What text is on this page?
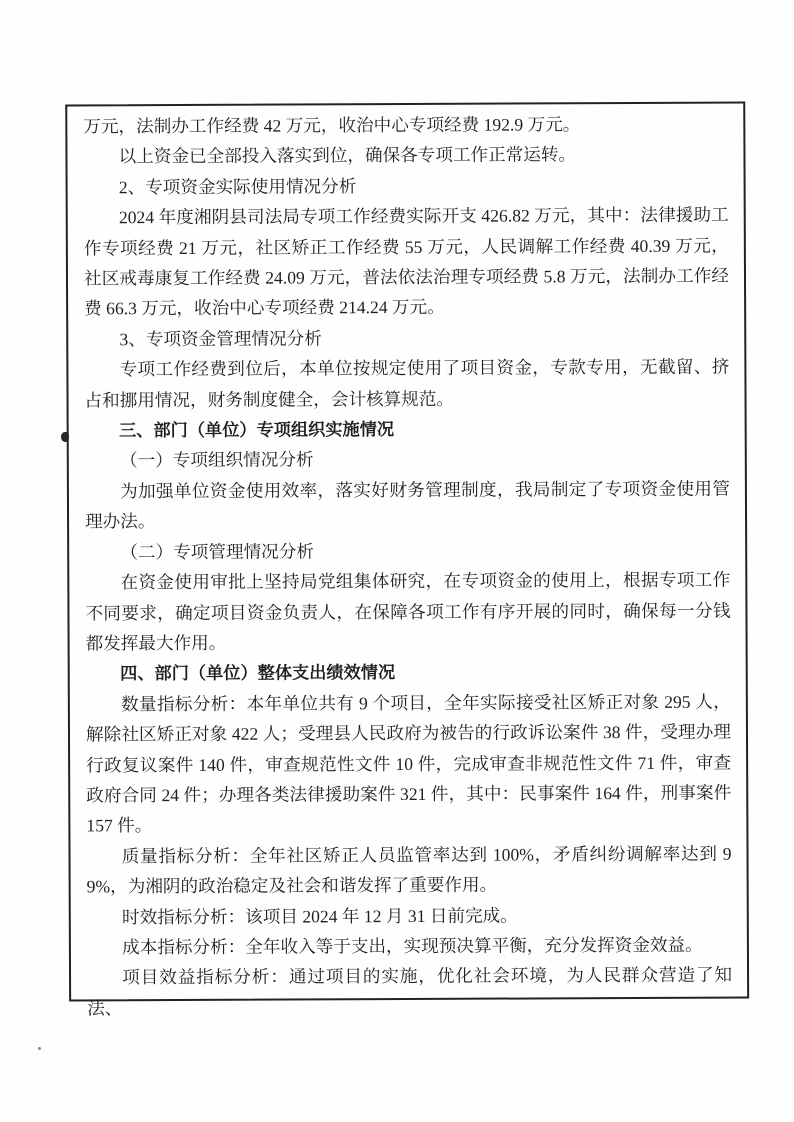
万元，法制办工作经费 42 万元，收治中心专项经费 192.9 万元。

以上资金已全部投入落实到位，确保各专项工作正常运转。

2、专项资金实际使用情况分析

2024 年度湘阴县司法局专项工作经费实际开支 426.82 万元，其中：法律援助工作专项经费 21 万元，社区矫正工作经费 55 万元，人民调解工作经费 40.39 万元，社区戒毒康复工作经费 24.09 万元，普法依法治理专项经费 5.8 万元，法制办工作经费 66.3 万元，收治中心专项经费 214.24 万元。

3、专项资金管理情况分析

专项工作经费到位后，本单位按规定使用了项目资金，专款专用，无截留、挤占和挪用情况，财务制度健全，会计核算规范。

三、部门（单位）专项组织实施情况

（一）专项组织情况分析

为加强单位资金使用效率，落实好财务管理制度，我局制定了专项资金使用管理办法。

（二）专项管理情况分析

在资金使用审批上坚持局党组集体研究，在专项资金的使用上，根据专项工作不同要求，确定项目资金负责人，在保障各项工作有序开展的同时，确保每一分钱都发挥最大作用。

四、部门（单位）整体支出绩效情况

数量指标分析：本年单位共有 9 个项目，全年实际接受社区矫正对象 295 人，解除社区矫正对象 422 人；受理县人民政府为被告的行政诉讼案件 38 件，受理办理行政复议案件 140 件，审查规范性文件 10 件，完成审查非规范性文件 71 件，审查政府合同 24 件；办理各类法律援助案件 321 件，其中：民事案件 164 件，刑事案件 157 件。

质量指标分析：全年社区矫正人员监管率达到 100%，矛盾纠纷调解率达到 99%，为湘阴的政治稳定及社会和谐发挥了重要作用。

时效指标分析：该项目 2024 年 12 月 31 日前完成。

成本指标分析：全年收入等于支出，实现预决算平衡，充分发挥资金效益。

项目效益指标分析：通过项目的实施，优化社会环境，为人民群众营造了知法、
